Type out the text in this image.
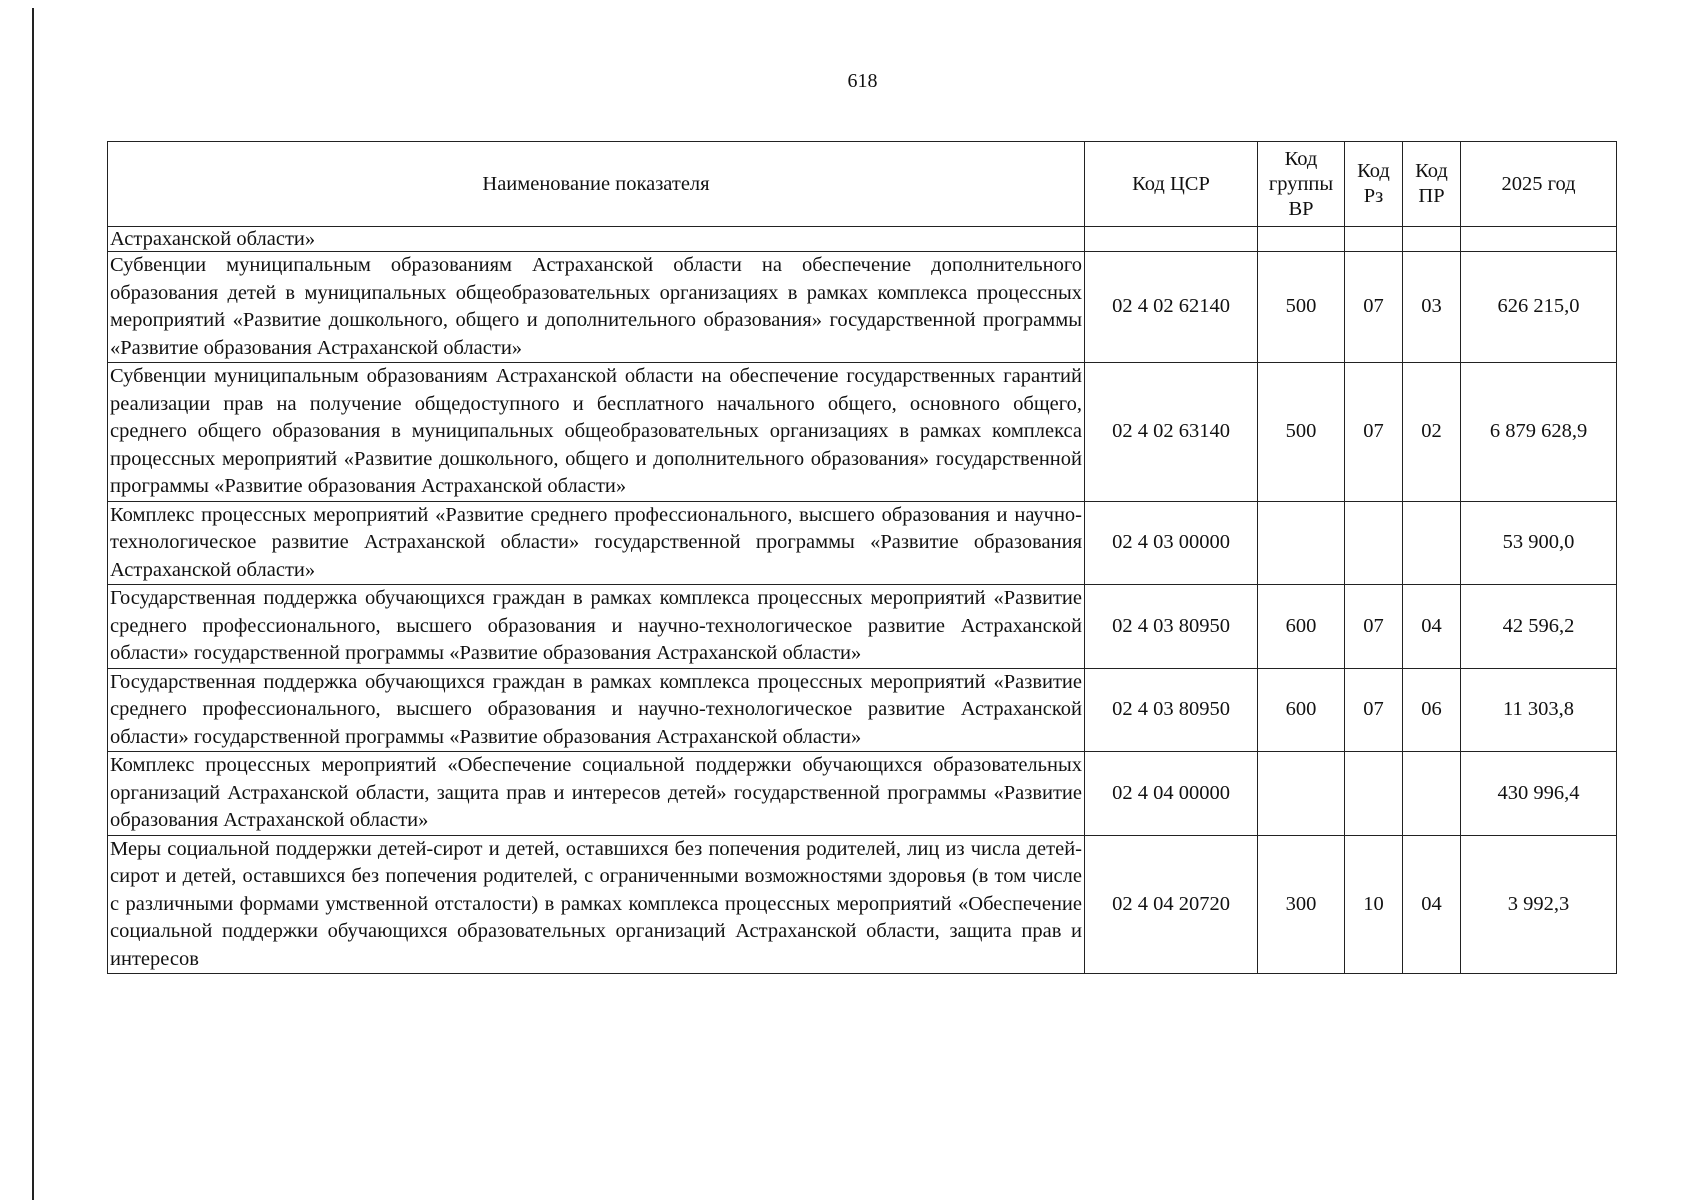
618
Наименование показателя	Код ЦСР	Код группы ВР	Код Рз	Код ПР	2025 год
Астраханской области»					
Субвенции муниципальным образованиям Астраханской области на обеспечение дополнительного образования детей в муниципальных общеобразовательных организациях в рамках комплекса процессных мероприятий «Развитие дошкольного, общего и дополнительного образования» государственной программы «Развитие образования Астраханской области»	02 4 02 62140	500	07	03	626 215,0
Субвенции муниципальным образованиям Астраханской области на обеспечение государственных гарантий реализации прав на получение общедоступного и бесплатного начального общего, основного общего, среднего общего образования в муниципальных общеобразовательных организациях в рамках комплекса процессных мероприятий «Развитие дошкольного, общего и дополнительного образования» государственной программы «Развитие образования Астраханской области»	02 4 02 63140	500	07	02	6 879 628,9
Комплекс процессных мероприятий «Развитие среднего профессионального, высшего образования и научно-технологическое развитие Астраханской области» государственной программы «Развитие образования Астраханской области»	02 4 03 00000				53 900,0
Государственная поддержка обучающихся граждан в рамках комплекса процессных мероприятий «Развитие среднего профессионального, высшего образования и научно-технологическое развитие Астраханской области» государственной программы «Развитие образования Астраханской области»	02 4 03 80950	600	07	04	42 596,2
Государственная поддержка обучающихся граждан в рамках комплекса процессных мероприятий «Развитие среднего профессионального, высшего образования и научно-технологическое развитие Астраханской области» государственной программы «Развитие образования Астраханской области»	02 4 03 80950	600	07	06	11 303,8
Комплекс процессных мероприятий «Обеспечение социальной поддержки обучающихся образовательных организаций Астраханской области, защита прав и интересов детей» государственной программы «Развитие образования Астраханской области»	02 4 04 00000				430 996,4
Меры социальной поддержки детей-сирот и детей, оставшихся без попечения родителей, лиц из числа детей-сирот и детей, оставшихся без попечения родителей, с ограниченными возможностями здоровья (в том числе с различными формами умственной отсталости) в рамках комплекса процессных мероприятий «Обеспечение социальной поддержки обучающихся образовательных организаций Астраханской области, защита прав и интересов	02 4 04 20720	300	10	04	3 992,3
